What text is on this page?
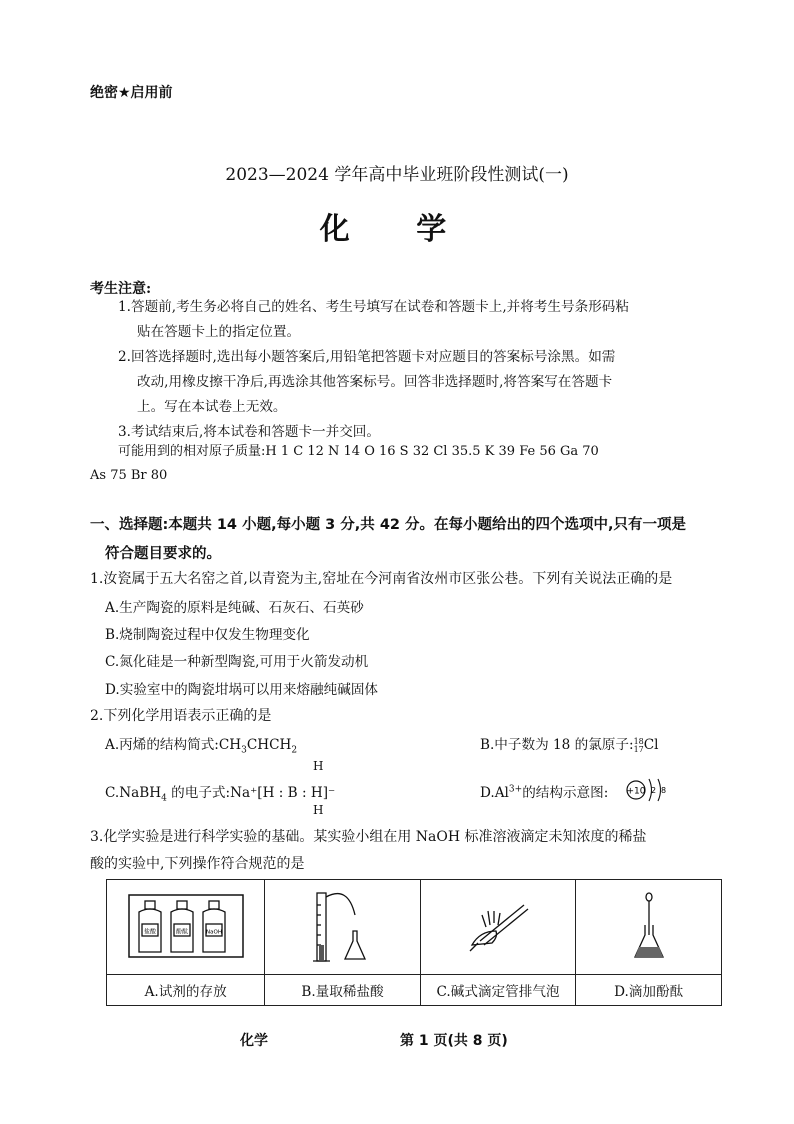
绝密★启用前
2023—2024 学年高中毕业班阶段性测试(一)
化 学
考生注意:
1.答题前,考生务必将自己的姓名、考生号填写在试卷和答题卡上,并将考生号条形码粘
贴在答题卡上的指定位置。
2.回答选择题时,选出每小题答案后,用铅笔把答题卡对应题目的答案标号涂黑。如需
改动,用橡皮擦干净后,再选涂其他答案标号。回答非选择题时,将答案写在答题卡
上。写在本试卷上无效。
3.考试结束后,将本试卷和答题卡一并交回。
可能用到的相对原子质量:H 1 C 12 N 14 O 16 S 32 Cl 35.5 K 39 Fe 56 Ga 70
As 75 Br 80
一、选择题:本题共 14 小题,每小题 3 分,共 42 分。在每小题给出的四个选项中,只有一项是
符合题目要求的。
1.汝瓷属于五大名窑之首,以青瓷为主,窑址在今河南省汝州市区张公巷。下列有关说法正确的是
A.生产陶瓷的原料是纯碱、石灰石、石英砂
B.烧制陶瓷过程中仅发生物理变化
C.氮化硅是一种新型陶瓷,可用于火箭发动机
D.实验室中的陶瓷坩埚可以用来熔融纯碱固体
2.下列化学用语表示正确的是
A.丙烯的结构简式$:CH_3CHCH_2$	B.中子数为 18 的氯原子: 18
17 Cl
H
C.NaBH$_4$ 的电子式:Na⁺[H : B : H]⁻
H
$D.Al^{3+}$的结构示意图: +10 2 8
3.化学实验是进行科学实验的基础。某实验小组在用 NaOH 标准溶液滴定未知浓度的稀盐
酸的实验中,下列操作符合规范的是
盐酸 酚酞 NaOH

A.试剂的存放	B.量取稀盐酸	C.碱式滴定管排气泡	D.滴加酚酞
化学	第 1 页(共 8 页)
